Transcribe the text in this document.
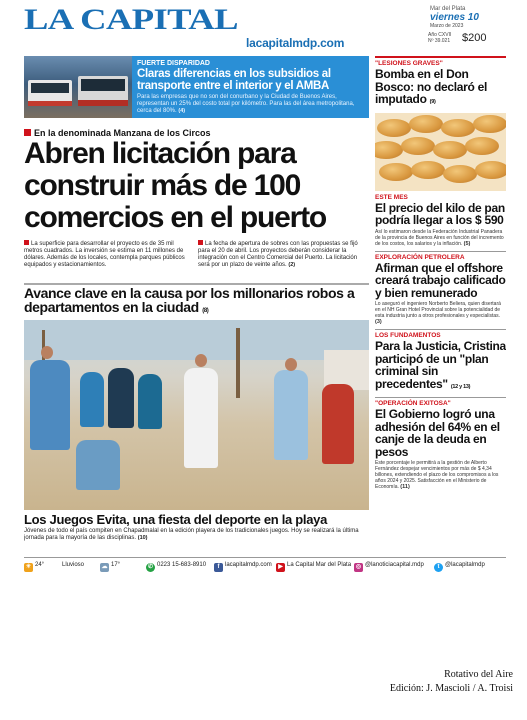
LA CAPITAL
lacapitalmdp.com
Mar del Plata
viernes 10
Marzo de 2023
Año CXVII
Nº 39.021 $200
FUERTE DISPARIDAD
Claras diferencias en los subsidios al transporte entre el interior y el AMBA
Para las empresas que no son del conurbano y la Ciudad de Buenos Aires, representan un 25% del costo total por kilómetro. Para las del área metropolitana, cerca del 80%. (4)
"LESIONES GRAVES"
Bomba en el Don Bosco: no declaró el imputado (9)
ESTE MES
El precio del kilo de pan podría llegar a los $ 590
Así lo estimaron desde la Federación Industrial Panadera de la provincia de Buenos Aires en función del incremento de los costos, los salarios y la inflación. (5)
EXPLORACIÓN PETROLERA
Afirman que el offshore creará trabajo calificado y bien remunerado
Lo aseguró el ingeniero Norberto Beliera, quien disertará en el NH Gran Hotel Provincial sobre la potencialidad de esta industria junto a otros profesionales y especialistas. (3)
LOS FUNDAMENTOS
Para la Justicia, Cristina participó de un "plan criminal sin precedentes" (12 y 13)
"OPERACIÓN EXITOSA"
El Gobierno logró una adhesión del 64% en el canje de la deuda en pesos
Este porcentaje le permitirá a la gestión de Alberto Fernández despejar vencimientos por más de $ 4,34 billones, extendiendo el plazo de los compromisos a los años 2024 y 2025. Satisfacción en el Ministerio de Economía. (11)
En la denominada Manzana de los Circos
Abren licitación para construir más de 100 comercios en el puerto
La superficie para desarrollar el proyecto es de 35 mil metros cuadrados. La inversión se estima en 11 millones de dólares. Además de los locales, contempla parques públicos equipados y estacionamientos.
La fecha de apertura de sobres con las propuestas se fijó para el 20 de abril. Los proyectos deberán considerar la integración con el Centro Comercial del Puerto. La licitación será por un plazo de veinte años. (2)
Avance clave en la causa por los millonarios robos a departamentos en la ciudad (8)
Los Juegos Evita, una fiesta del deporte en la playa
Jóvenes de todo el país compiten en Chapadmalal en la edición playera de los tradicionales juegos. Hoy se realizará la última jornada para la mayoría de las disciplinas. (10)
☀ 24°	Lluvioso	☁ 17°	✆ 0223 15-683-8910	f lacapitalmdp.com	▶ La Capital Mar del Plata ◎ @lanoticiacapital.mdp	t @lacapitalmdp
Rotativo del Aire
Edición: J. Mascioli / A. Troisi
